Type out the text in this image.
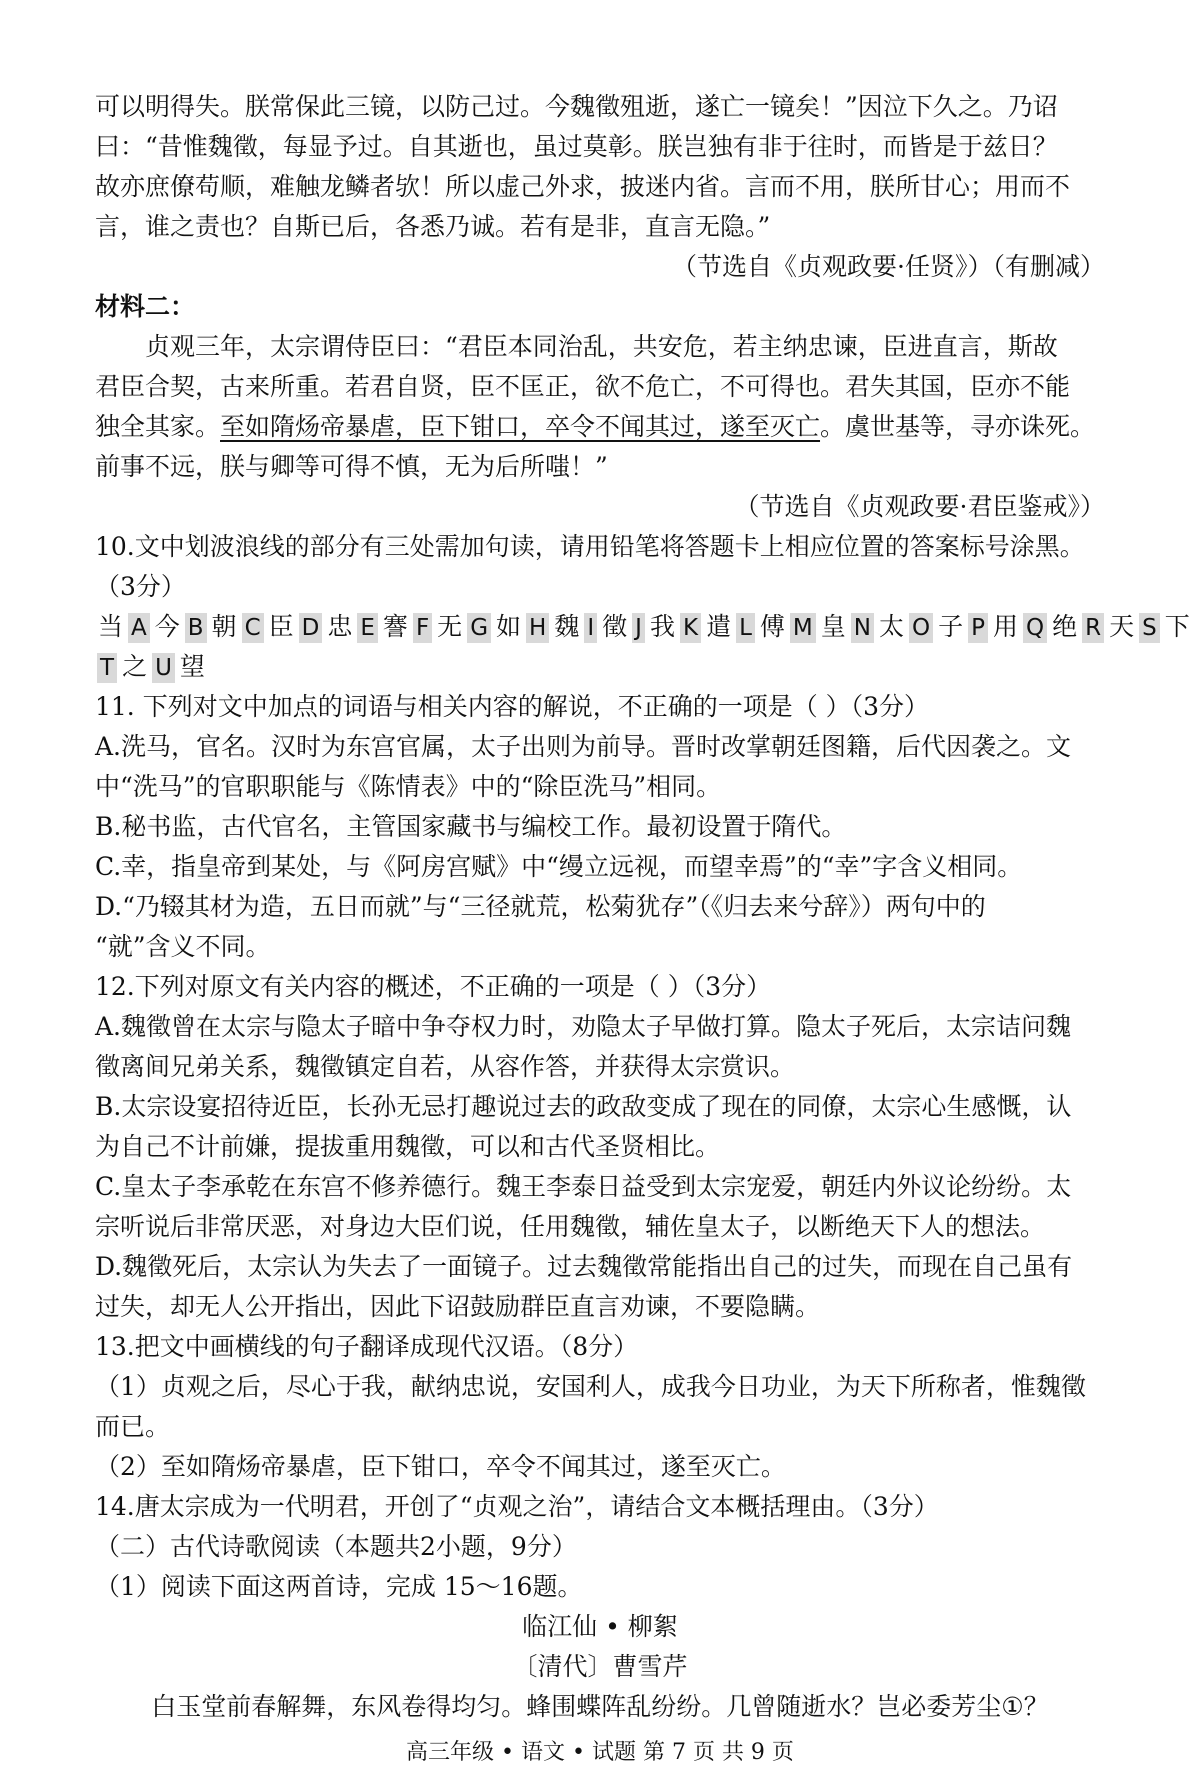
可以明得失。朕常保此三镜，以防己过。今魏徵殂逝，遂亡一镜矣！”因泣下久之。乃诏
曰：“昔惟魏徵，每显予过。自其逝也，虽过莫彰。朕岂独有非于往时，而皆是于兹日？
故亦庶僚苟顺，难触龙鳞者欤！所以虚己外求，披迷内省。言而不用，朕所甘心；用而不
言，谁之责也？自斯已后，各悉乃诚。若有是非，直言无隐。”
（节选自《贞观政要·任贤》）（有删减）
材料二：
贞观三年，太宗谓侍臣曰：“君臣本同治乱，共安危，若主纳忠谏，臣进直言，斯故
君臣合契，古来所重。若君自贤，臣不匡正，欲不危亡，不可得也。君失其国，臣亦不能
独全其家。至如隋炀帝暴虐，臣下钳口，卒令不闻其过，遂至灭亡。虞世基等，寻亦诛死。
前事不远，朕与卿等可得不慎，无为后所嗤！”
（节选自《贞观政要·君臣鉴戒》）
10.文中划波浪线的部分有三处需加句读，请用铅笔将答题卡上相应位置的答案标号涂黑。
（3分）
当 A 今 B 朝 C 臣 D 忠 E 謇 F 无 G 如 H 魏 I 徵 J 我 K 遣 L 傅 M 皇 N 太 O 子 P 用 Q 绝 R 天 S 下
T 之 U 望
11. 下列对文中加点的词语与相关内容的解说，不正确的一项是（ ）（3分）
A.洗马，官名。汉时为东宫官属，太子出则为前导。晋时改掌朝廷图籍，后代因袭之。文
中“洗马”的官职职能与《陈情表》中的“除臣洗马”相同。
B.秘书监，古代官名，主管国家藏书与编校工作。最初设置于隋代。
C.幸，指皇帝到某处，与《阿房宫赋》中“缦立远视，而望幸焉”的“幸”字含义相同。
D.“乃辍其材为造，五日而就”与“三径就荒，松菊犹存”（《归去来兮辞》）两句中的
“就”含义不同。
12.下列对原文有关内容的概述，不正确的一项是（ ）（3分）
A.魏徵曾在太宗与隐太子暗中争夺权力时，劝隐太子早做打算。隐太子死后，太宗诘问魏
徵离间兄弟关系，魏徵镇定自若，从容作答，并获得太宗赏识。
B.太宗设宴招待近臣，长孙无忌打趣说过去的政敌变成了现在的同僚，太宗心生感慨，认
为自己不计前嫌，提拔重用魏徵，可以和古代圣贤相比。
C.皇太子李承乾在东宫不修养德行。魏王李泰日益受到太宗宠爱，朝廷内外议论纷纷。太
宗听说后非常厌恶，对身边大臣们说，任用魏徵，辅佐皇太子，以断绝天下人的想法。
D.魏徵死后，太宗认为失去了一面镜子。过去魏徵常能指出自己的过失，而现在自己虽有
过失，却无人公开指出，因此下诏鼓励群臣直言劝谏，不要隐瞒。
13.把文中画横线的句子翻译成现代汉语。（8分）
（1）贞观之后，尽心于我，献纳忠说，安国利人，成我今日功业，为天下所称者，惟魏徵
而已。
（2）至如隋炀帝暴虐，臣下钳口，卒令不闻其过，遂至灭亡。
14.唐太宗成为一代明君，开创了“贞观之治”，请结合文本概括理由。（3分）
（二）古代诗歌阅读（本题共2小题，9分）
（1）阅读下面这两首诗，完成 15～16题。
临江仙 • 柳絮
〔清代〕曹雪芹
白玉堂前春解舞，东风卷得均匀。蜂围蝶阵乱纷纷。几曾随逝水？岂必委芳尘①？
高三年级 • 语文 • 试题 第 7 页 共 9 页
